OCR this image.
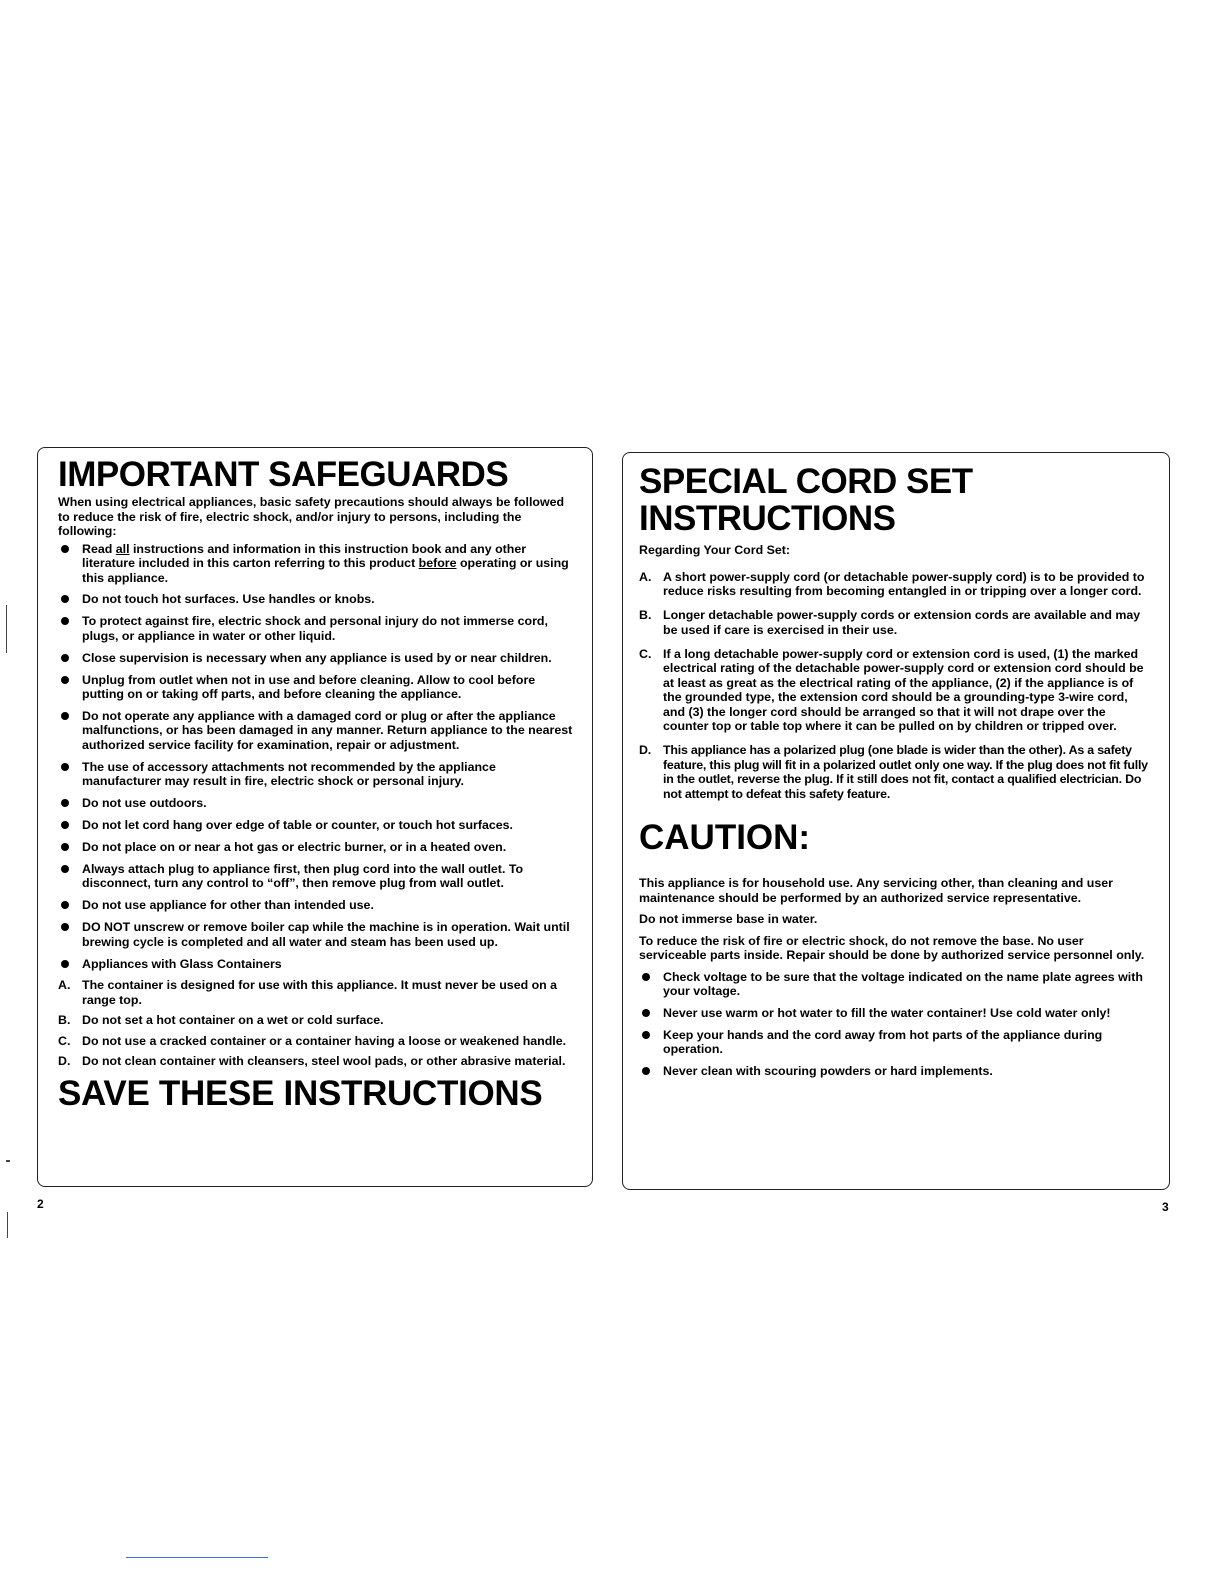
IMPORTANT SAFEGUARDS

When using electrical appliances, basic safety precautions should always be followed to reduce the risk of fire, electric shock, and/or injury to persons, including the following:

Read all instructions and information in this instruction book and any other literature included in this carton referring to this product before operating or using this appliance.
Do not touch hot surfaces. Use handles or knobs.
To protect against fire, electric shock and personal injury do not immerse cord, plugs, or appliance in water or other liquid.
Close supervision is necessary when any appliance is used by or near children.
Unplug from outlet when not in use and before cleaning. Allow to cool before putting on or taking off parts, and before cleaning the appliance.
Do not operate any appliance with a damaged cord or plug or after the appliance malfunctions, or has been damaged in any manner. Return appliance to the nearest authorized service facility for examination, repair or adjustment.
The use of accessory attachments not recommended by the appliance manufacturer may result in fire, electric shock or personal injury.
Do not use outdoors.
Do not let cord hang over edge of table or counter, or touch hot surfaces.
Do not place on or near a hot gas or electric burner, or in a heated oven.
Always attach plug to appliance first, then plug cord into the wall outlet. To disconnect, turn any control to “off”, then remove plug from wall outlet.
Do not use appliance for other than intended use.
DO NOT unscrew or remove boiler cap while the machine is in operation. Wait until brewing cycle is completed and all water and steam has been used up.
Appliances with Glass Containers
A. The container is designed for use with this appliance. It must never be used on a range top.
B. Do not set a hot container on a wet or cold surface.
C. Do not use a cracked container or a container having a loose or weakened handle.
D. Do not clean container with cleansers, steel wool pads, or other abrasive material.
SAVE THESE INSTRUCTIONS
SPECIAL CORD SET
INSTRUCTIONS

Regarding Your Cord Set:

A. A short power-supply cord (or detachable power-supply cord) is to be provided to reduce risks resulting from becoming entangled in or tripping over a longer cord.
B. Longer detachable power-supply cords or extension cords are available and may be used if care is exercised in their use.
C. If a long detachable power-supply cord or extension cord is used, (1) the marked electrical rating of the detachable power-supply cord or extension cord should be at least as great as the electrical rating of the appliance, (2) if the appliance is of the grounded type, the extension cord should be a grounding-type 3-wire cord, and (3) the longer cord should be arranged so that it will not drape over the counter top or table top where it can be pulled on by children or tripped over.
D. This appliance has a polarized plug (one blade is wider than the other). As a safety feature, this plug will fit in a polarized outlet only one way. If the plug does not fit fully in the outlet, reverse the plug. If it still does not fit, contact a qualified electrician. Do not attempt to defeat this safety feature.
CAUTION:

This appliance is for household use. Any servicing other, than cleaning and user maintenance should be performed by an authorized service representative.

Do not immerse base in water.

To reduce the risk of fire or electric shock, do not remove the base. No user serviceable parts inside. Repair should be done by authorized service personnel only.

Check voltage to be sure that the voltage indicated on the name plate agrees with your voltage.
Never use warm or hot water to fill the water container! Use cold water only!
Keep your hands and the cord away from hot parts of the appliance during operation.
Never clean with scouring powders or hard implements.
2	3
